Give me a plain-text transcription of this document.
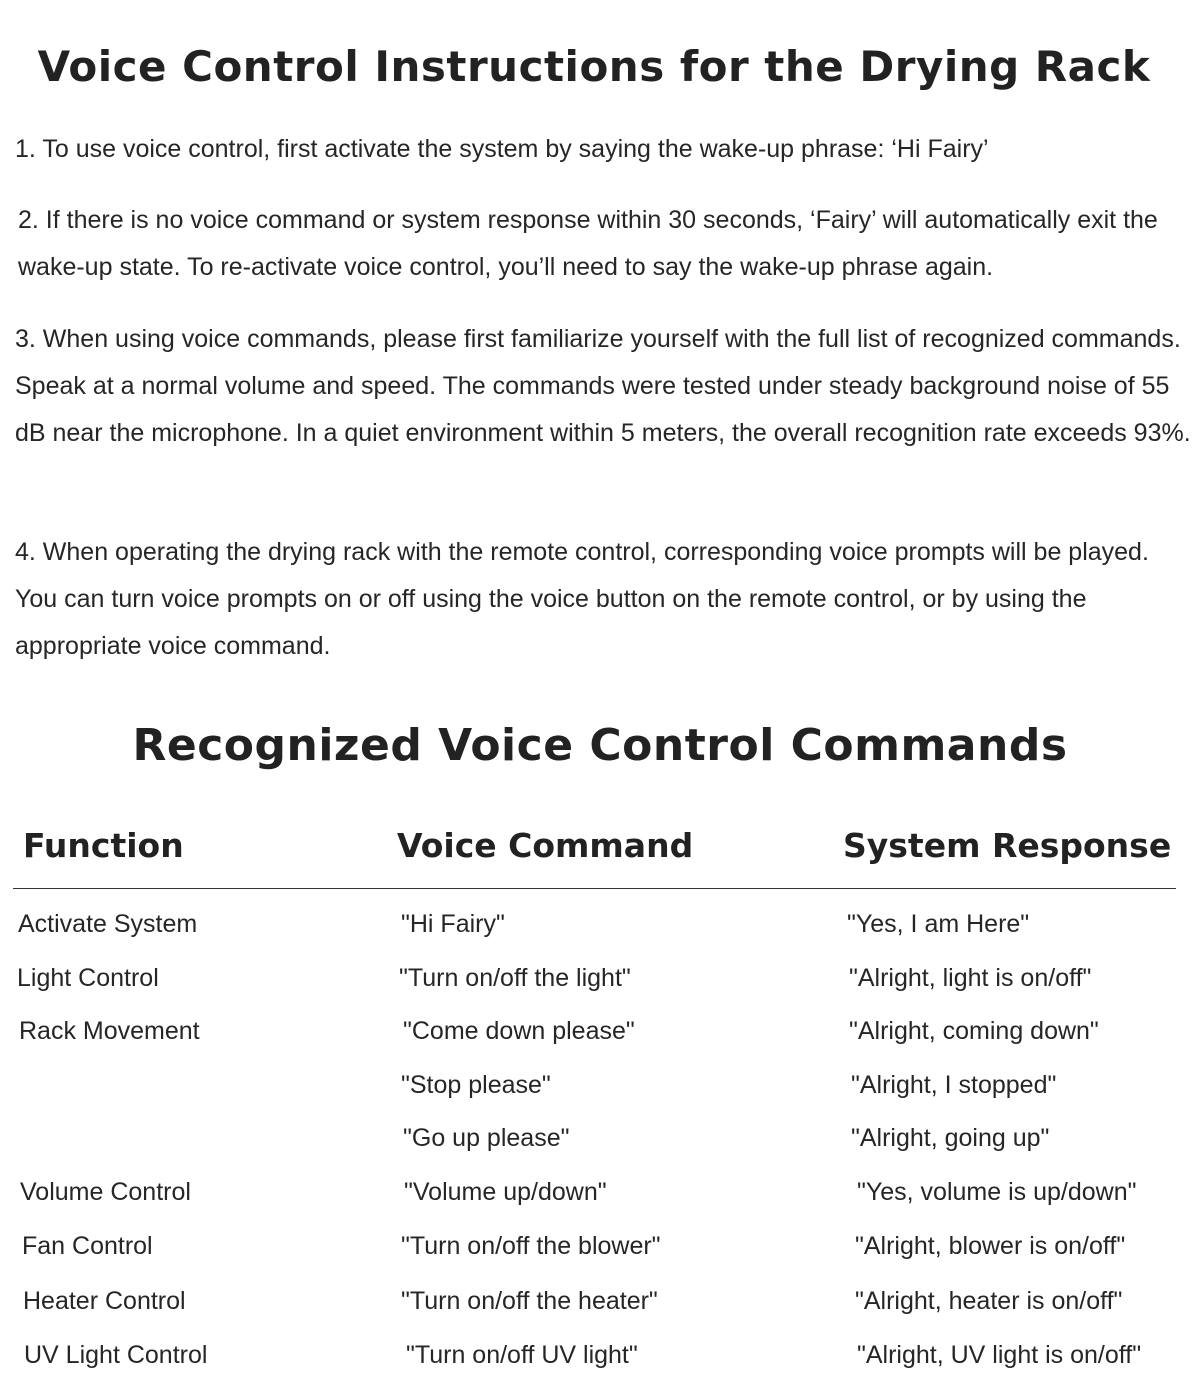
Voice Control Instructions for the Drying Rack

1. To use voice control, first activate the system by saying the wake-up phrase: ‘Hi Fairy’

2. If there is no voice command or system response within 30 seconds, ‘Fairy’ will automatically exit the wake-up state. To re-activate voice control, you’ll need to say the wake-up phrase again.

3. When using voice commands, please first familiarize yourself with the full list of recognized commands. Speak at a normal volume and speed. The commands were tested under steady background noise of 55 dB near the microphone. In a quiet environment within 5 meters, the overall recognition rate exceeds 93%.

4. When operating the drying rack with the remote control, corresponding voice prompts will be played. You can turn voice prompts on or off using the voice button on the remote control, or by using the appropriate voice command.

Recognized Voice Control Commands
Function	Voice Command	System Response
Activate System	"Hi Fairy"	"Yes, I am Here"
Light Control	"Turn on/off the light"	"Alright, light is on/off"
Rack Movement	"Come down please"	"Alright, coming down"
"Stop please"	"Alright, I stopped"
"Go up please"	"Alright, going up"
Volume Control	"Volume up/down"	"Yes, volume is up/down"
Fan Control	"Turn on/off the blower"	"Alright, blower is on/off"
Heater Control	"Turn on/off the heater"	"Alright, heater is on/off"
UV Light Control	"Turn on/off UV light"	"Alright, UV light is on/off"
